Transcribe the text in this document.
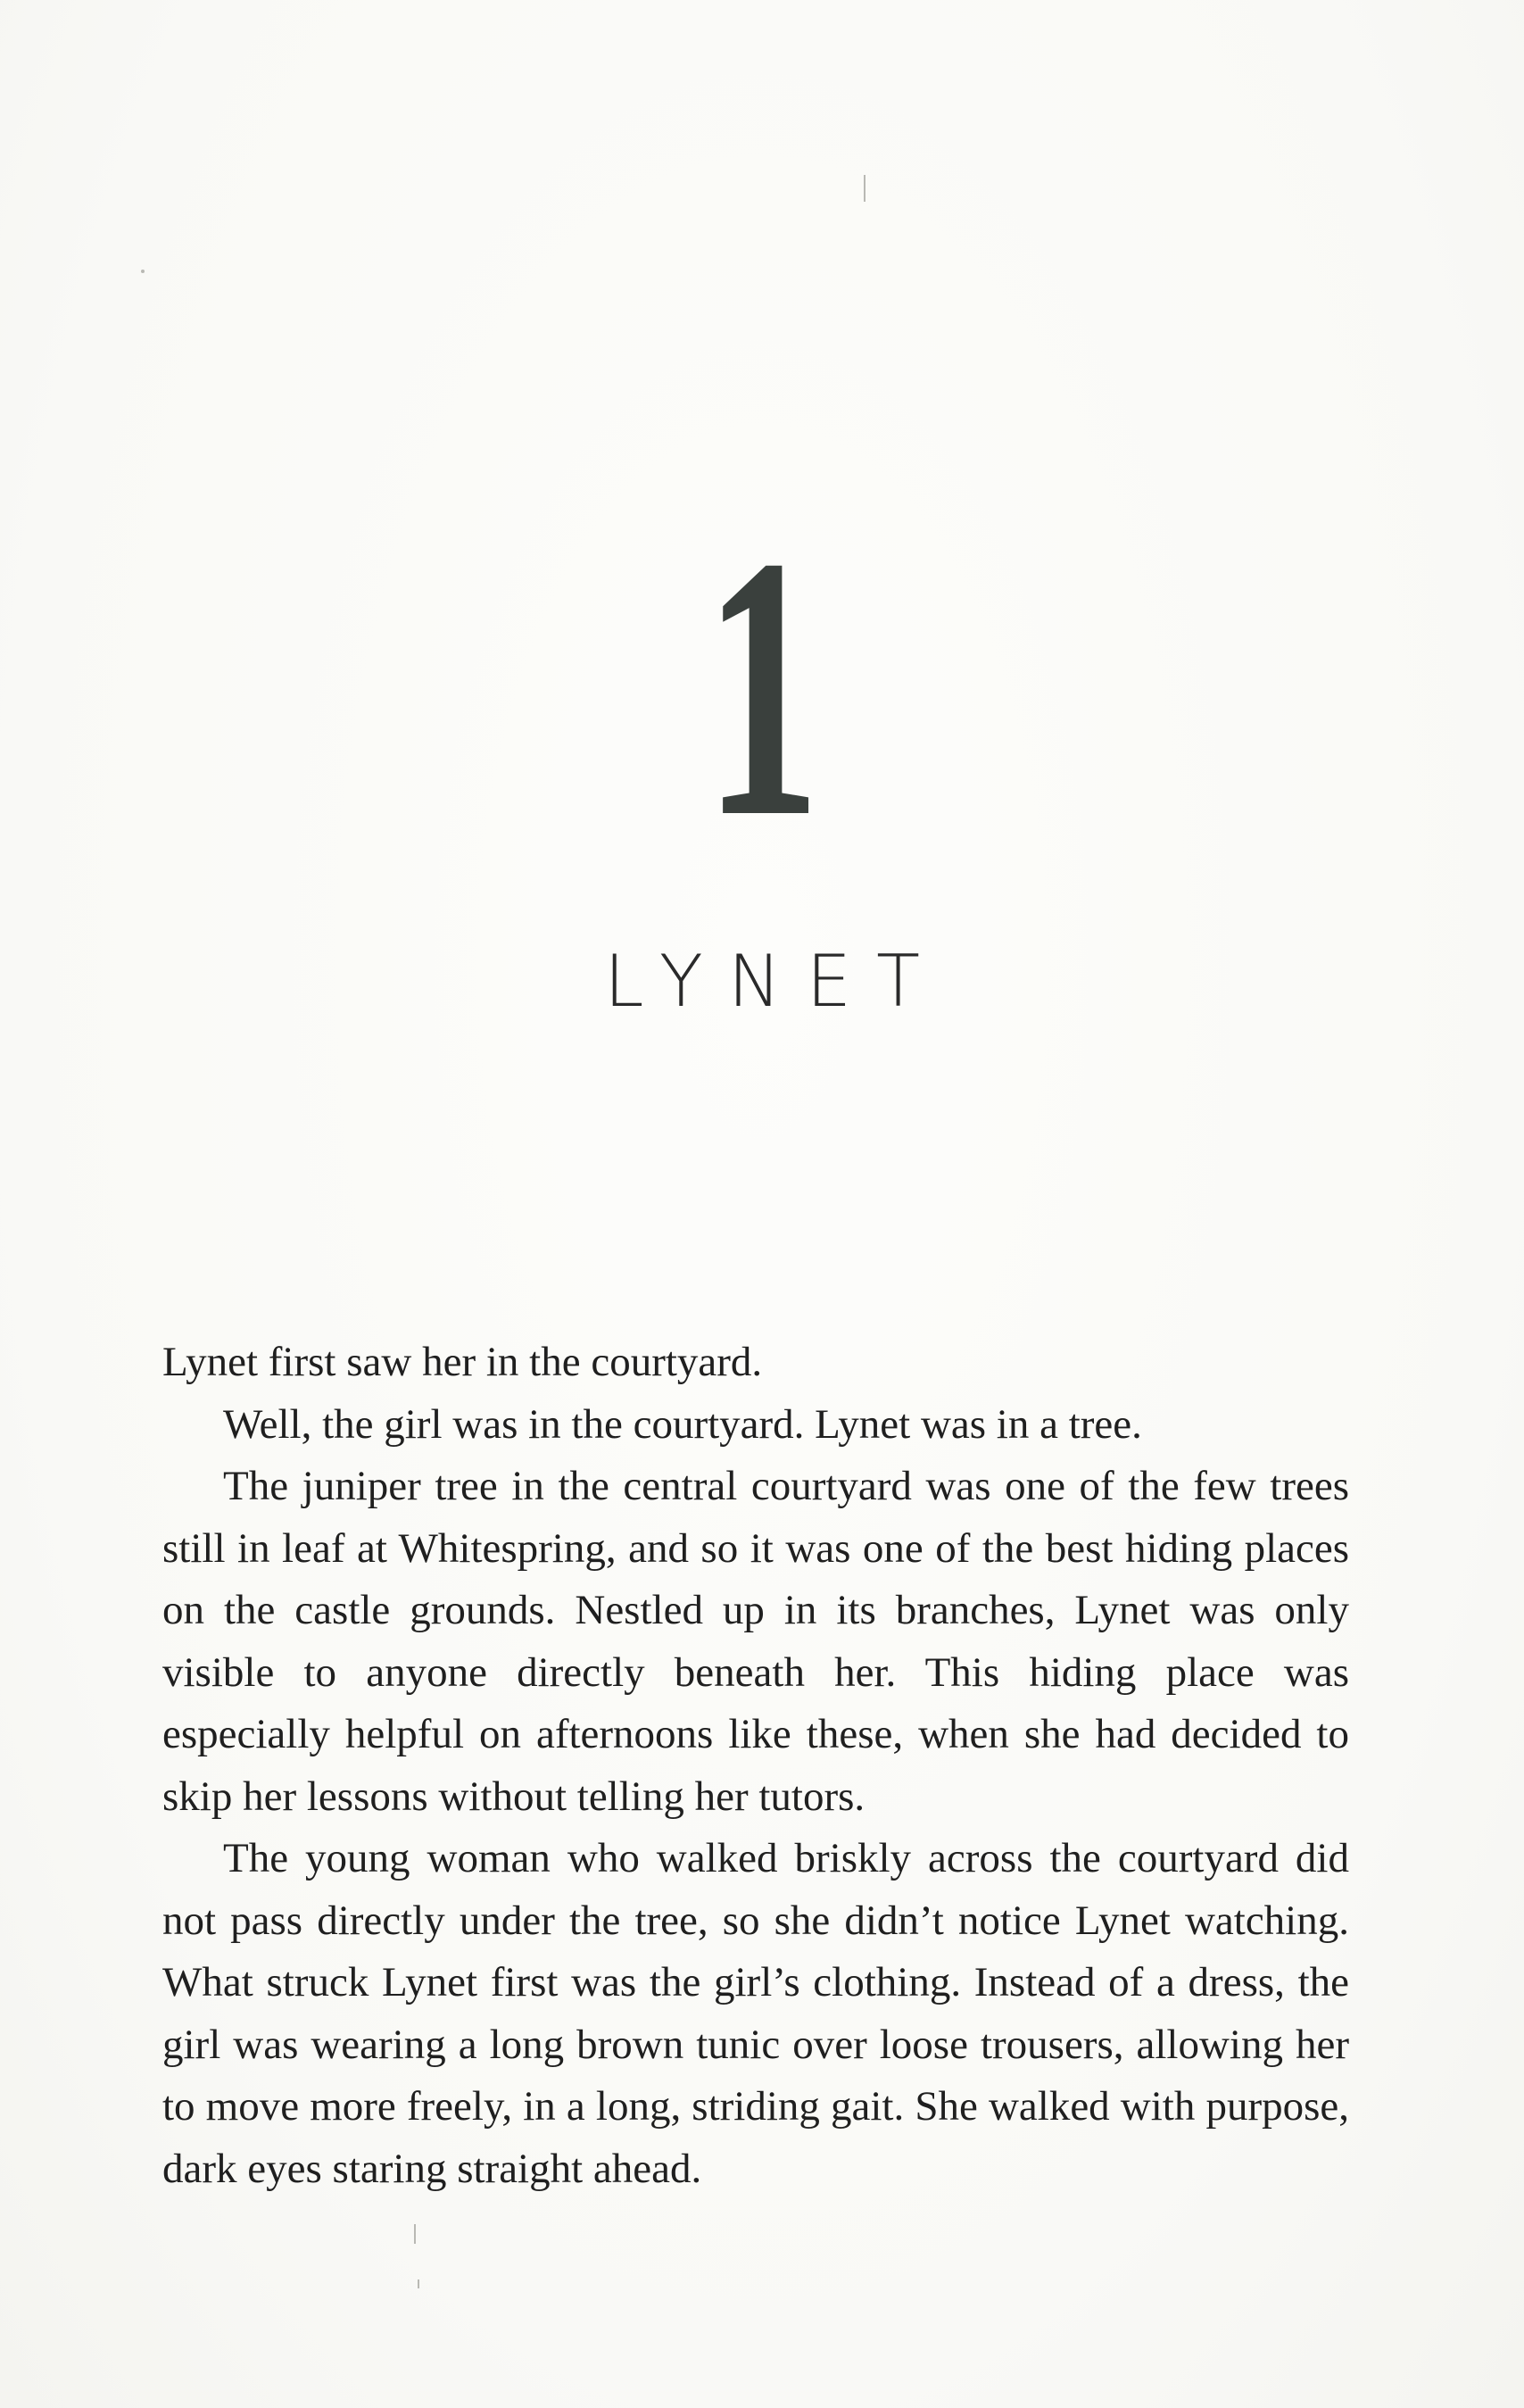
1
LYNET

Lynet first saw her in the courtyard.

Well, the girl was in the courtyard. Lynet was in a tree.

The juniper tree in the central courtyard was one of the few trees still in leaf at Whitespring, and so it was one of the best hiding places on the castle grounds. Nestled up in its branches, Lynet was only visible to anyone directly beneath her. This hiding place was especially helpful on afternoons like these, when she had decided to skip her lessons without telling her tutors.

The young woman who walked briskly across the courtyard did not pass directly under the tree, so she didn’t notice Lynet watching. What struck Lynet first was the girl’s clothing. Instead of a dress, the girl was wearing a long brown tunic over loose trousers, allowing her to move more freely, in a long, striding gait. She walked with purpose, dark eyes staring straight ahead.
